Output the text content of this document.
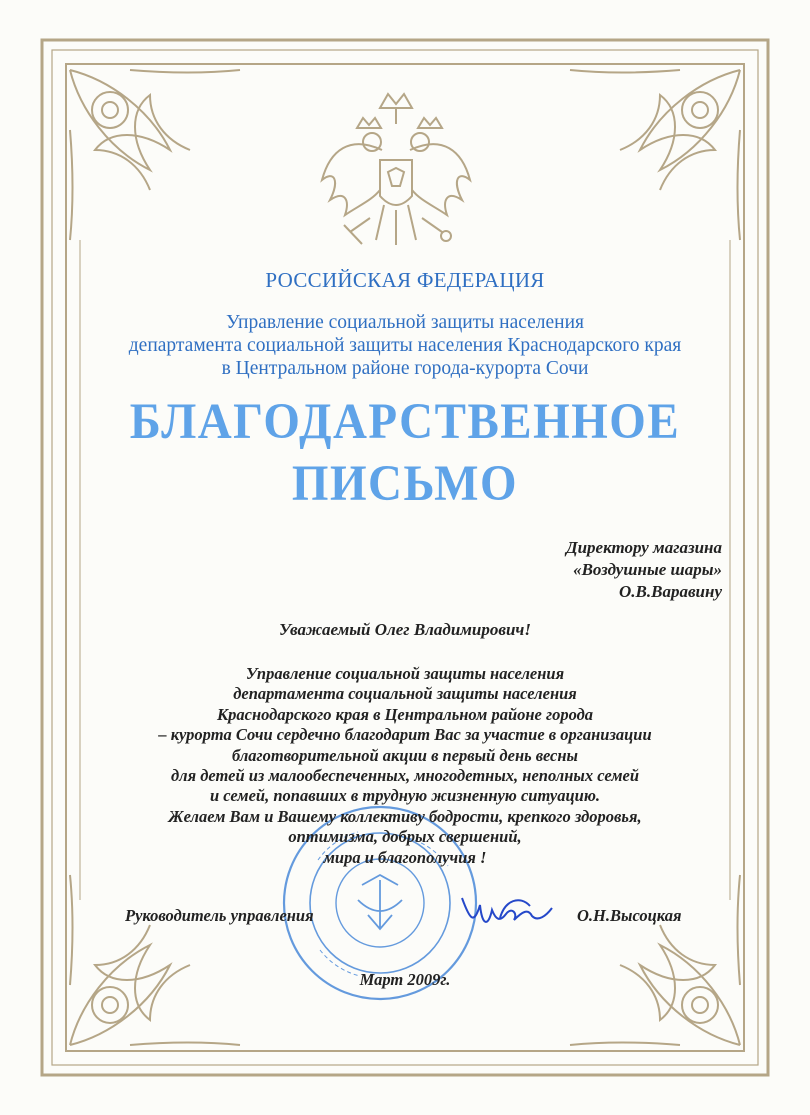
РОССИЙСКАЯ ФЕДЕРАЦИЯ
Управление социальной защиты населения
департамента социальной защиты населения Краснодарского края
в Центральном районе города-курорта Сочи
БЛАГОДАРСТВЕННОЕ
ПИСЬМО
Директору магазина
«Воздушные шары»
О.В.Варавину
Уважаемый Олег Владимирович!
Управление социальной защиты населения
департамента социальной защиты населения
Краснодарского края в Центральном районе города
– курорта Сочи сердечно благодарит Вас за участие в организации
благотворительной акции в первый день весны
для детей из малообеспеченных, многодетных, неполных семей
и семей, попавших в трудную жизненную ситуацию.
Желаем Вам и Вашему коллективу бодрости, крепкого здоровья,
оптимизма, добрых свершений,
мира и благополучия !
Руководитель управления	О.Н.Высоцкая
Март 2009г.
